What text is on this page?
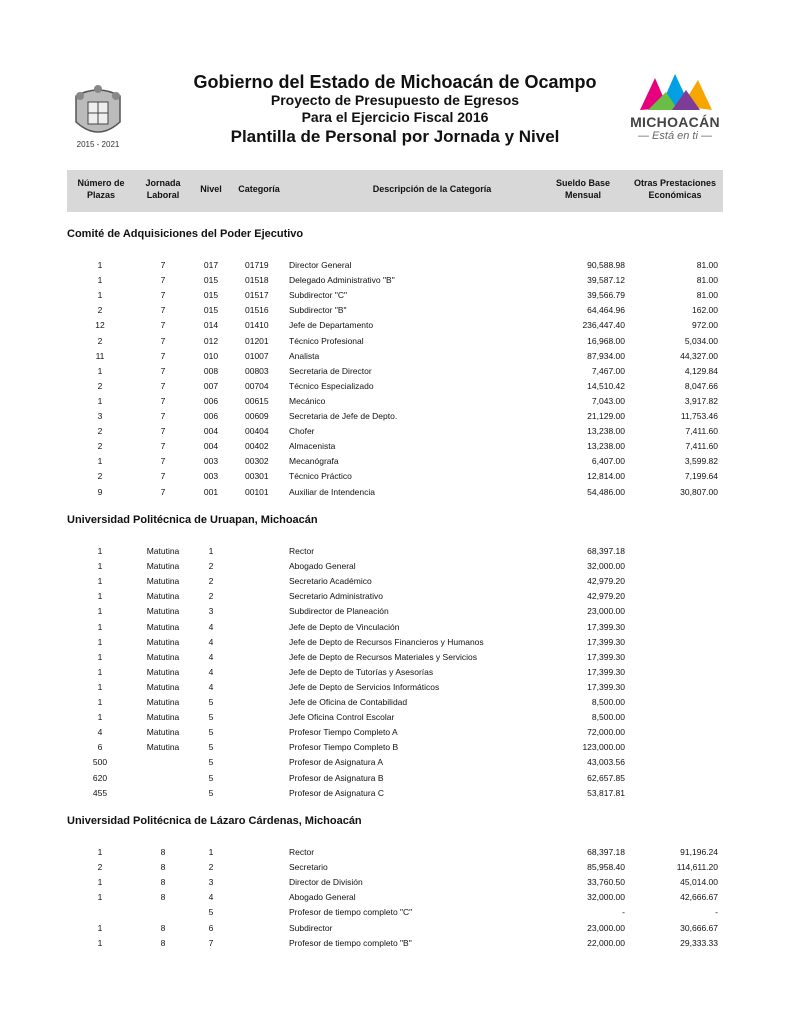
2015 - 2021
Gobierno del Estado de Michoacán de Ocampo
Proyecto de Presupuesto de Egresos
Para el Ejercicio Fiscal 2016
Plantilla de Personal por Jornada y Nivel
MICHOACÁN
— Está en ti —
Número de Plazas
Jornada Laboral
Nivel	Categoría	Descripción de la Categoría
Sueldo Base Mensual
Otras Prestaciones Económicas
Comité de Adquisiciones del Poder Ejecutivo
1	7	017	01719	Director General	90,588.98	81.00
1	7	015	01518	Delegado Administrativo "B"	39,587.12	81.00
1	7	015	01517	Subdirector "C"	39,566.79	81.00
2	7	015	01516	Subdirector "B"	64,464.96	162.00
12	7	014	01410	Jefe de Departamento	236,447.40	972.00
2	7	012	01201	Técnico Profesional	16,968.00	5,034.00
11	7	010	01007	Analista	87,934.00	44,327.00
1	7	008	00803	Secretaria de Director	7,467.00	4,129.84
2	7	007	00704	Técnico Especializado	14,510.42	8,047.66
1	7	006	00615	Mecánico	7,043.00	3,917.82
3	7	006	00609	Secretaria de Jefe de Depto.	21,129.00	11,753.46
2	7	004	00404	Chofer	13,238.00	7,411.60
2	7	004	00402	Almacenista	13,238.00	7,411.60
1	7	003	00302	Mecanógrafa	6,407.00	3,599.82
2	7	003	00301	Técnico Práctico	12,814.00	7,199.64
9	7	001	00101	Auxiliar de Intendencia	54,486.00	30,807.00
Universidad Politécnica de Uruapan, Michoacán
1	Matutina	1	Rector	68,397.18
1	Matutina	2	Abogado General	32,000.00
1	Matutina	2	Secretario Académico	42,979.20
1	Matutina	2	Secretario Administrativo	42,979.20
1	Matutina	3	Subdirector de Planeación	23,000.00
1	Matutina	4	Jefe de Depto de Vinculación	17,399.30
1	Matutina	4	Jefe de Depto de Recursos Financieros y Humanos	17,399.30
1	Matutina	4	Jefe de Depto de Recursos Materiales y Servicios	17,399.30
1	Matutina	4	Jefe de Depto de Tutorías y Asesorías	17,399.30
1	Matutina	4	Jefe de Depto de Servicios Informáticos	17,399.30
1	Matutina	5	Jefe de Oficina de Contabilidad	8,500.00
1	Matutina	5	Jefe Oficina Control Escolar	8,500.00
4	Matutina	5	Profesor Tiempo Completo A	72,000.00
6	Matutina	5	Profesor Tiempo Completo B	123,000.00
500	5	Profesor de Asignatura A	43,003.56
620	5	Profesor de Asignatura B	62,657.85
455	5	Profesor de Asignatura C	53,817.81
Universidad Politécnica de Lázaro Cárdenas, Michoacán
1	8	1	Rector	68,397.18	91,196.24
2	8	2	Secretario	85,958.40	114,611.20
1	8	3	Director de División	33,760.50	45,014.00
1	8	4	Abogado General	32,000.00	42,666.67
5	Profesor de tiempo completo "C"	-	-
1	8	6	Subdirector	23,000.00	30,666.67
1	8	7	Profesor de tiempo completo "B"	22,000.00	29,333.33
